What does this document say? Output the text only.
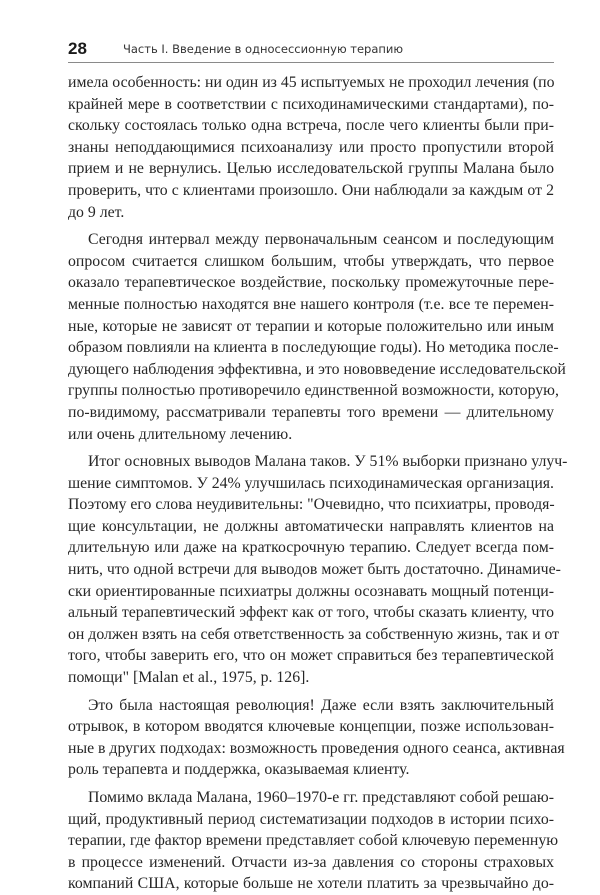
28	Часть I. Введение в односессионную терапию

имела особенность: ни один из 45 испытуемых не проходил лечения (по
крайней мере в соответствии с психодинамическими стандартами), по-
скольку состоялась только одна встреча, после чего клиенты были при-
знаны неподдающимися психоанализу или просто пропустили второй
прием и не вернулись. Целью исследовательской группы Малана было
проверить, что с клиентами произошло. Они наблюдали за каждым от 2
до 9 лет.

Сегодня интервал между первоначальным сеансом и последующим
опросом считается слишком большим, чтобы утверждать, что первое
оказало терапевтическое воздействие, поскольку промежуточные пере-
менные полностью находятся вне нашего контроля (т.е. все те перемен-
ные, которые не зависят от терапии и которые положительно или иным
образом повлияли на клиента в последующие годы). Но методика после-
дующего наблюдения эффективна, и это нововведение исследовательской
группы полностью противоречило единственной возможности, которую,
по-видимому, рассматривали терапевты того времени — длительному
или очень длительному лечению.

Итог основных выводов Малана таков. У 51% выборки признано улуч-
шение симптомов. У 24% улучшилась психодинамическая организация.
Поэтому его слова неудивительны: "Очевидно, что психиатры, проводя-
щие консультации, не должны автоматически направлять клиентов на
длительную или даже на краткосрочную терапию. Следует всегда пом-
нить, что одной встречи для выводов может быть достаточно. Динамиче-
ски ориентированные психиатры должны осознавать мощный потенци-
альный терапевтический эффект как от того, чтобы сказать клиенту, что
он должен взять на себя ответственность за собственную жизнь, так и от
того, чтобы заверить его, что он может справиться без терапевтической
помощи" [Malan et al., 1975, p. 126].

Это была настоящая революция! Даже если взять заключительный
отрывок, в котором вводятся ключевые концепции, позже использован-
ные в других подходах: возможность проведения одного сеанса, активная
роль терапевта и поддержка, оказываемая клиенту.

Помимо вклада Малана, 1960–1970-е гг. представляют собой решаю-
щий, продуктивный период систематизации подходов в истории психо-
терапии, где фактор времени представляет собой ключевую переменную
в процессе изменений. Отчасти из-за давления со стороны страховых
компаний США, которые больше не хотели платить за чрезвычайно до-
